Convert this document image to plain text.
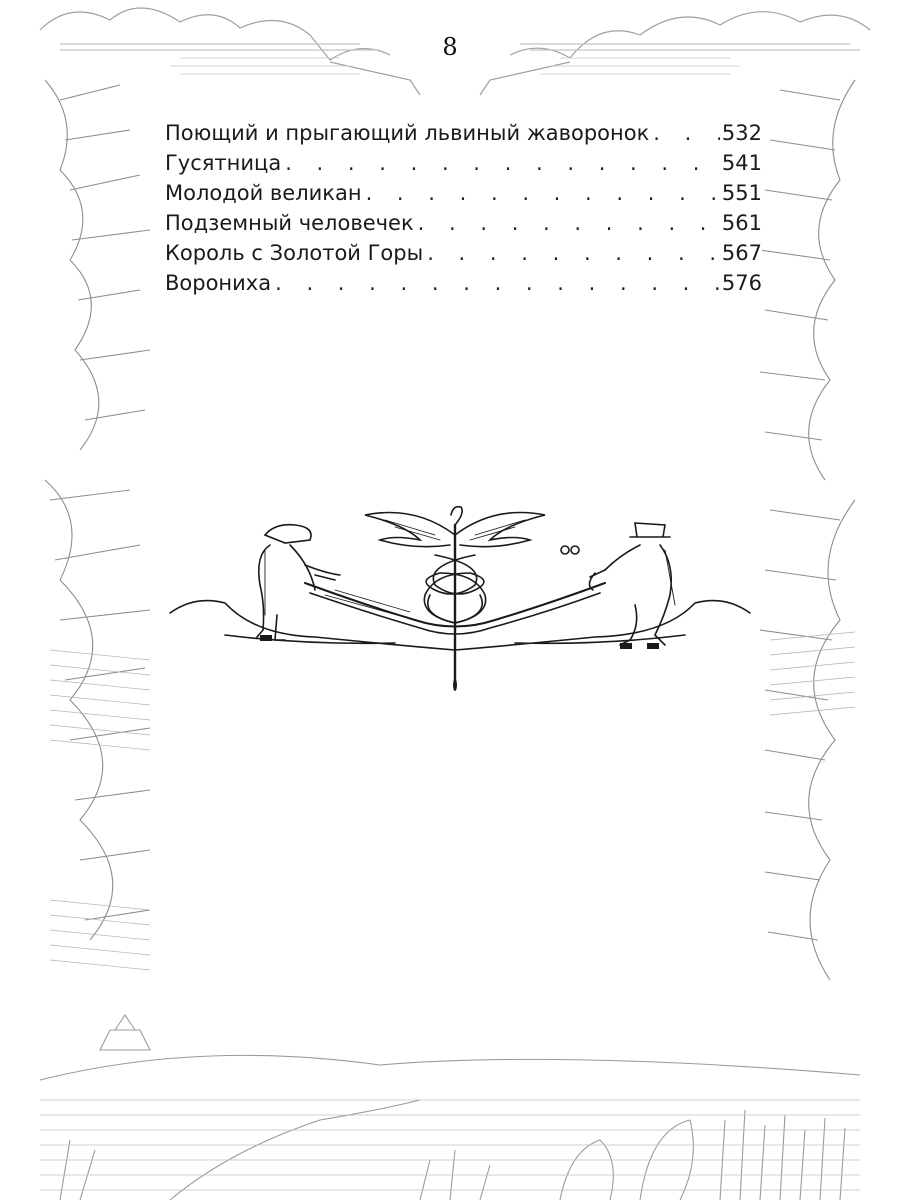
8
Поющий и прыгающий львиный жаворонок . . .	532
Гусятница . . .	541
Молодой великан . . .	551
Подземный человечек . . .	561
Король с Золотой Горы . . .	567
Ворониха . . .	576
